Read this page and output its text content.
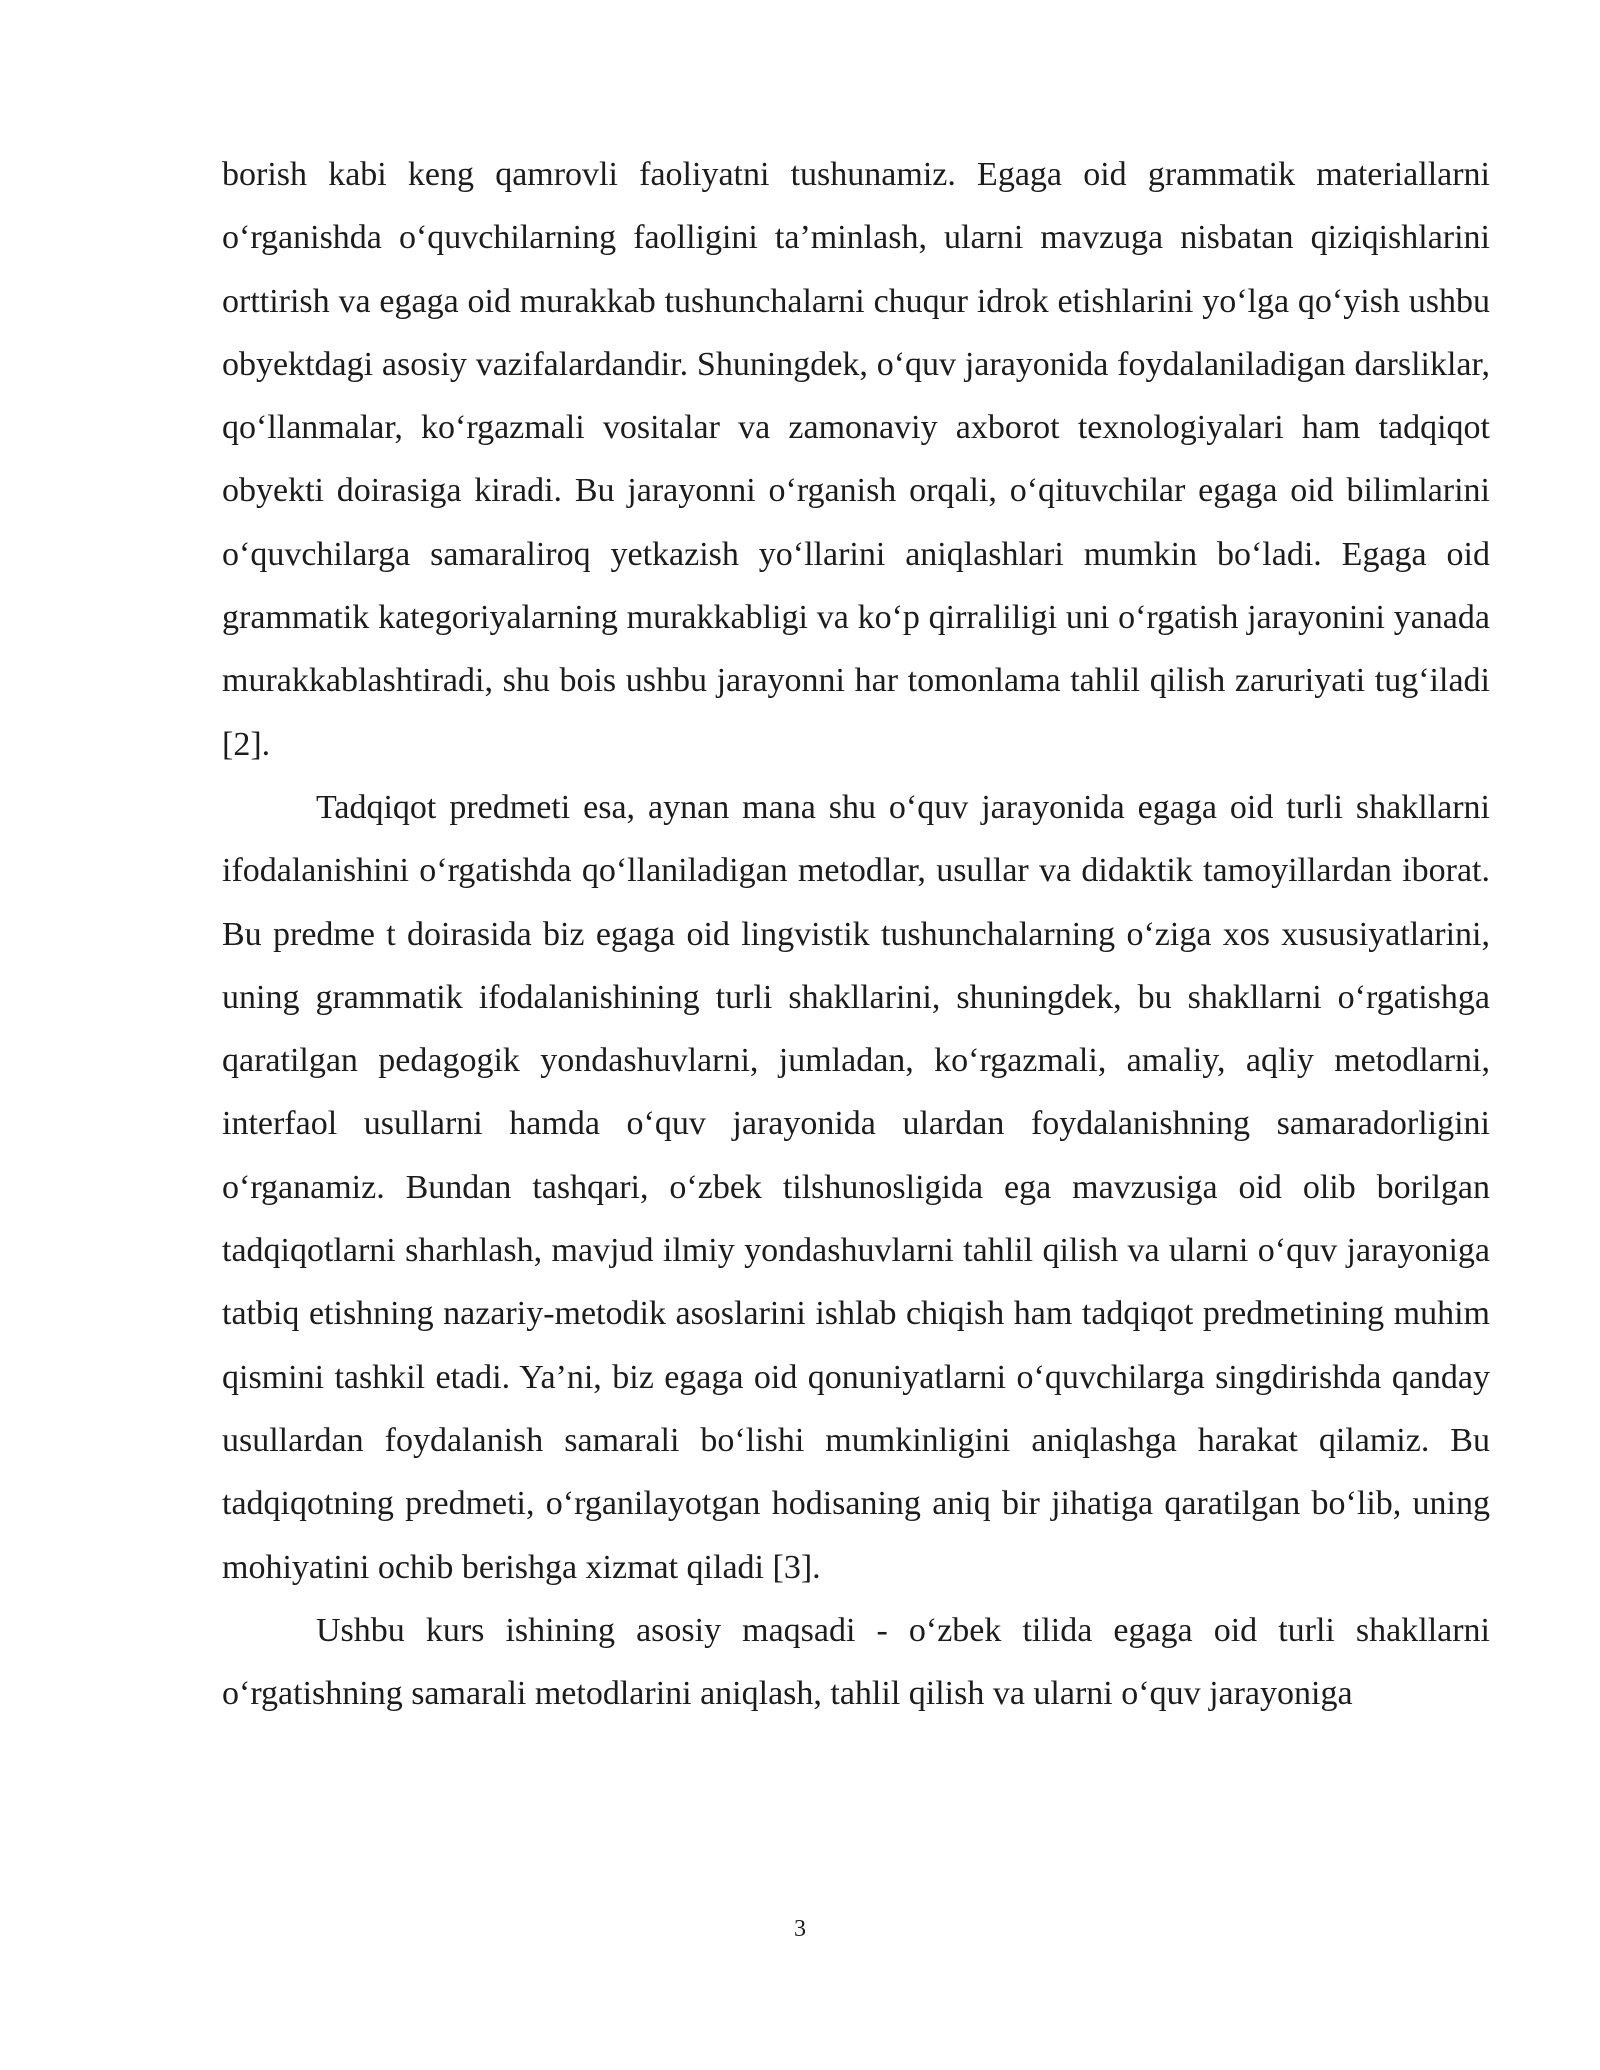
borish kabi keng qamrovli faoliyatni tushunamiz. Egaga oid grammatik materiallarni o‘rganishda o‘quvchilarning faolligini ta’minlash, ularni mavzuga nisbatan qiziqishlarini orttirish va egaga oid murakkab tushunchalarni chuqur idrok etishlarini yo‘lga qo‘yish ushbu obyektdagi asosiy vazifalardandir. Shuningdek, o‘quv jarayonida foydalaniladigan darsliklar, qo‘llanmalar, ko‘rgazmali vositalar va zamonaviy axborot texnologiyalari ham tadqiqot obyekti doirasiga kiradi. Bu jarayonni o‘rganish orqali, o‘qituvchilar egaga oid bilimlarini o‘quvchilarga samaraliroq yetkazish yo‘llarini aniqlashlari mumkin bo‘ladi. Egaga oid grammatik kategoriyalarning murakkabligi va ko‘p qirraliligi uni o‘rgatish jarayonini yanada murakkablashtiradi, shu bois ushbu jarayonni har tomonlama tahlil qilish zaruriyati tug‘iladi [2].

Tadqiqot predmeti esa, aynan mana shu o‘quv jarayonida egaga oid turli shakllarni ifodalanishini o‘rgatishda qo‘llaniladigan metodlar, usullar va didaktik tamoyillardan iborat. Bu predme t doirasida biz egaga oid lingvistik tushunchalarning o‘ziga xos xususiyatlarini, uning grammatik ifodalanishining turli shakllarini, shuningdek, bu shakllarni o‘rgatishga qaratilgan pedagogik yondashuvlarni, jumladan, ko‘rgazmali, amaliy, aqliy metodlarni, interfaol usullarni hamda o‘quv jarayonida ulardan foydalanishning samaradorligini o‘rganamiz. Bundan tashqari, o‘zbek tilshunosligida ega mavzusiga oid olib borilgan tadqiqotlarni sharhlash, mavjud ilmiy yondashuvlarni tahlil qilish va ularni o‘quv jarayoniga tatbiq etishning nazariy-metodik asoslarini ishlab chiqish ham tadqiqot predmetining muhim qismini tashkil etadi. Ya’ni, biz egaga oid qonuniyatlarni o‘quvchilarga singdirishda qanday usullardan foydalanish samarali bo‘lishi mumkinligini aniqlashga harakat qilamiz. Bu tadqiqotning predmeti, o‘rganilayotgan hodisaning aniq bir jihatiga qaratilgan bo‘lib, uning mohiyatini ochib berishga xizmat qiladi [3].

Ushbu kurs ishining asosiy maqsadi - o‘zbek tilida egaga oid turli shakllarni o‘rgatishning samarali metodlarini aniqlash, tahlil qilish va ularni o‘quv jarayoniga

3
